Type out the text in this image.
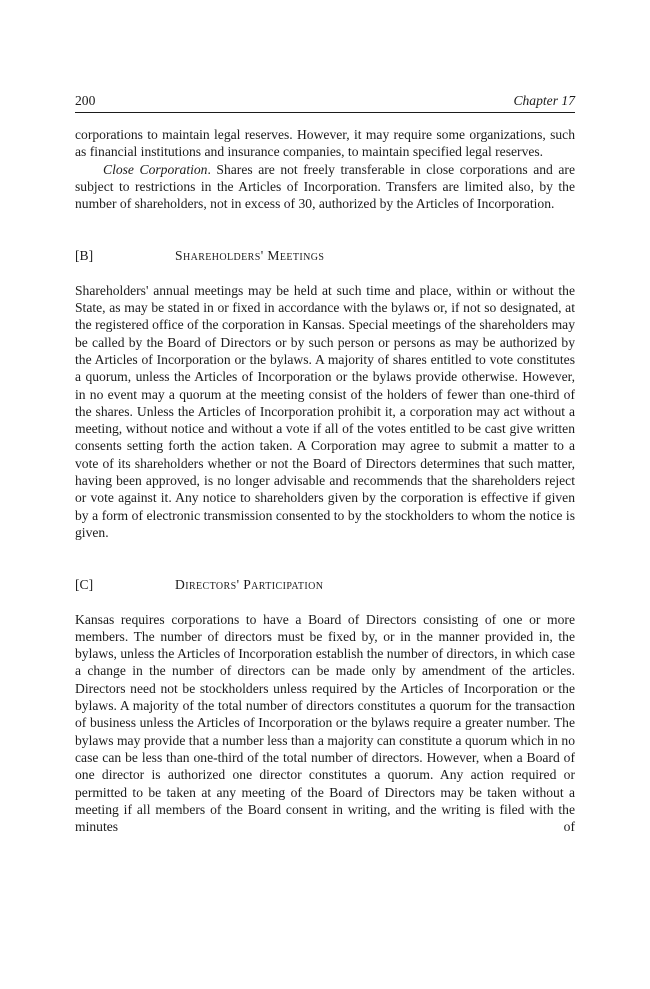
200	Chapter 17

corporations to maintain legal reserves. However, it may require some organizations, such as financial institutions and insurance companies, to maintain specified legal reserves.

Close Corporation. Shares are not freely transferable in close corporations and are subject to restrictions in the Articles of Incorporation. Transfers are limited also, by the number of shareholders, not in excess of 30, authorized by the Articles of Incorporation.

[B]	Shareholders' Meetings

Shareholders' annual meetings may be held at such time and place, within or without the State, as may be stated in or fixed in accordance with the bylaws or, if not so designated, at the registered office of the corporation in Kansas. Special meetings of the shareholders may be called by the Board of Directors or by such person or persons as may be authorized by the Articles of Incorporation or the bylaws. A majority of shares entitled to vote constitutes a quorum, unless the Articles of Incorporation or the bylaws provide otherwise. However, in no event may a quorum at the meeting consist of the holders of fewer than one-third of the shares. Unless the Articles of Incorporation prohibit it, a corporation may act without a meeting, without notice and without a vote if all of the votes entitled to be cast give written consents setting forth the action taken. A Corporation may agree to submit a matter to a vote of its shareholders whether or not the Board of Directors determines that such matter, having been approved, is no longer advisable and recommends that the shareholders reject or vote against it. Any notice to shareholders given by the corporation is effective if given by a form of electronic transmission consented to by the stockholders to whom the notice is given.

[C]	Directors' Participation

Kansas requires corporations to have a Board of Directors consisting of one or more members. The number of directors must be fixed by, or in the manner provided in, the bylaws, unless the Articles of Incorporation establish the number of directors, in which case a change in the number of directors can be made only by amendment of the articles. Directors need not be stockholders unless required by the Articles of Incorporation or the bylaws. A majority of the total number of directors constitutes a quorum for the transaction of business unless the Articles of Incorporation or the bylaws require a greater number. The bylaws may provide that a number less than a majority can constitute a quorum which in no case can be less than one-third of the total number of directors. However, when a Board of one director is authorized one director constitutes a quorum. Any action required or permitted to be taken at any meeting of the Board of Directors may be taken without a meeting if all members of the Board consent in writing, and the writing is filed with the minutes of
